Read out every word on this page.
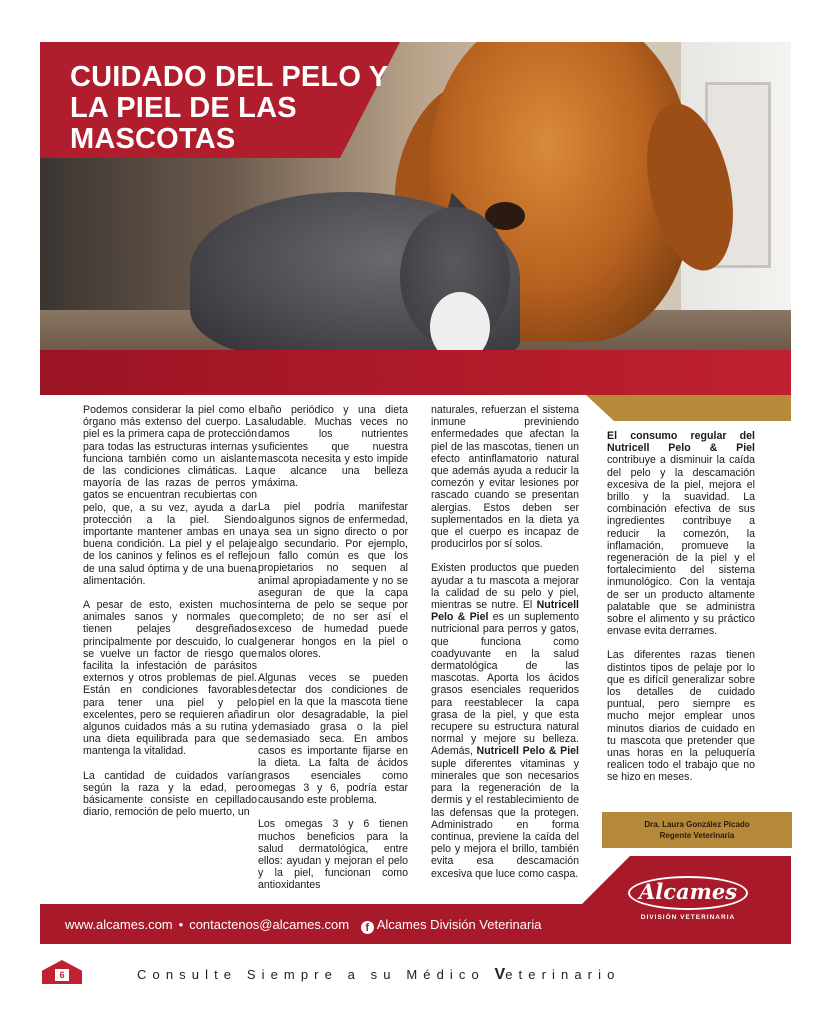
CUIDADO DEL PELO Y LA PIEL DE LAS MASCOTAS

Podemos considerar la piel como el órgano más extenso del cuerpo. La piel es la primera capa de protección para todas las estructuras internas y funciona también como un aislante de las condiciones climáticas. La mayoría de las razas de perros y gatos se encuentran recubiertas con pelo, que, a su vez, ayuda a dar protección a la piel. Siendo importante mantener ambas en una buena condición. La piel y el pelaje de los caninos y felinos es el reflejo de una salud óptima y de una buena alimentación.

A pesar de esto, existen muchos animales sanos y normales que tienen pelajes desgreñados principalmente por descuido, lo cual se vuelve un factor de riesgo que facilita la infestación de parásitos externos y otros problemas de piel. Están en condiciones favorables para tener una piel y pelo excelentes, pero se requieren añadir algunos cuidados más a su rutina y una dieta equilibrada para que se mantenga la vitalidad.

La cantidad de cuidados varían según la raza y la edad, pero básicamente consiste en cepillado diario, remoción de pelo muerto, un

baño periódico y una dieta saludable. Muchas veces no damos los nutrientes suficientes que nuestra mascota necesita y esto impide que alcance una belleza máxima.

La piel podría manifestar algunos signos de enfermedad, ya sea un signo directo o por algo secundario. Por ejemplo, un fallo común es que los propietarios no sequen al animal apropiadamente y no se aseguran de que la capa interna de pelo se seque por completo; de no ser así el exceso de humedad puede generar hongos en la piel o malos olores.

Algunas veces se pueden detectar dos condiciones de piel en la que la mascota tiene un olor desagradable, la piel demasiado grasa o la piel demasiado seca. En ambos casos es importante fijarse en la dieta. La falta de ácidos grasos esenciales como omegas 3 y 6, podría estar causando este problema.

Los omegas 3 y 6 tienen muchos beneficios para la salud dermatológica, entre ellos: ayudan y mejoran el pelo y la piel, funcionan como antioxidantes

naturales, refuerzan el sistema inmune previniendo enfermedades que afectan la piel de las mascotas, tienen un efecto antinflamatorio natural que además ayuda a reducir la comezón y evitar lesiones por rascado cuando se presentan alergias. Estos deben ser suplementados en la dieta ya que el cuerpo es incapaz de producirlos por sí solos.

Existen productos que pueden ayudar a tu mascota a mejorar la calidad de su pelo y piel, mientras se nutre. El Nutricell Pelo & Piel es un suplemento nutricional para perros y gatos, que funciona como coadyuvante en la salud dermatológica de las mascotas. Aporta los ácidos grasos esenciales requeridos para reestablecer la capa grasa de la piel, y que esta recupere su estructura natural normal y mejore su belleza. Además, Nutricell Pelo & Piel suple diferentes vitaminas y minerales que son necesarios para la regeneración de la dermis y el restablecimiento de las defensas que la protegen. Administrado en forma continua, previene la caída del pelo y mejora el brillo, también evita esa descamación excesiva que luce como caspa.

El consumo regular del Nutricell Pelo & Piel contribuye a disminuir la caída del pelo y la descamación excesiva de la piel, mejora el brillo y la suavidad. La combinación efectiva de sus ingredientes contribuye a reducir la comezón, la inflamación, promueve la regeneración de la piel y el fortalecimiento del sistema inmunológico. Con la ventaja de ser un producto altamente palatable que se administra sobre el alimento y su práctico envase evita derrames.

Las diferentes razas tienen distintos tipos de pelaje por lo que es difícil generalizar sobre los detalles de cuidado puntual, pero siempre es mucho mejor emplear unos minutos diarios de cuidado en tu mascota que pretender que unas horas en la peluquería realicen todo el trabajo que no se hizo en meses.

Dra. Laura González Picado
Regente Veterinaria
www.alcames.com • contactenos@alcames.com f Alcames División Veterinaria
Alcames
DIVISIÓN VETERINARIA
6	Consulte Siempre a su Médico Veterinario
